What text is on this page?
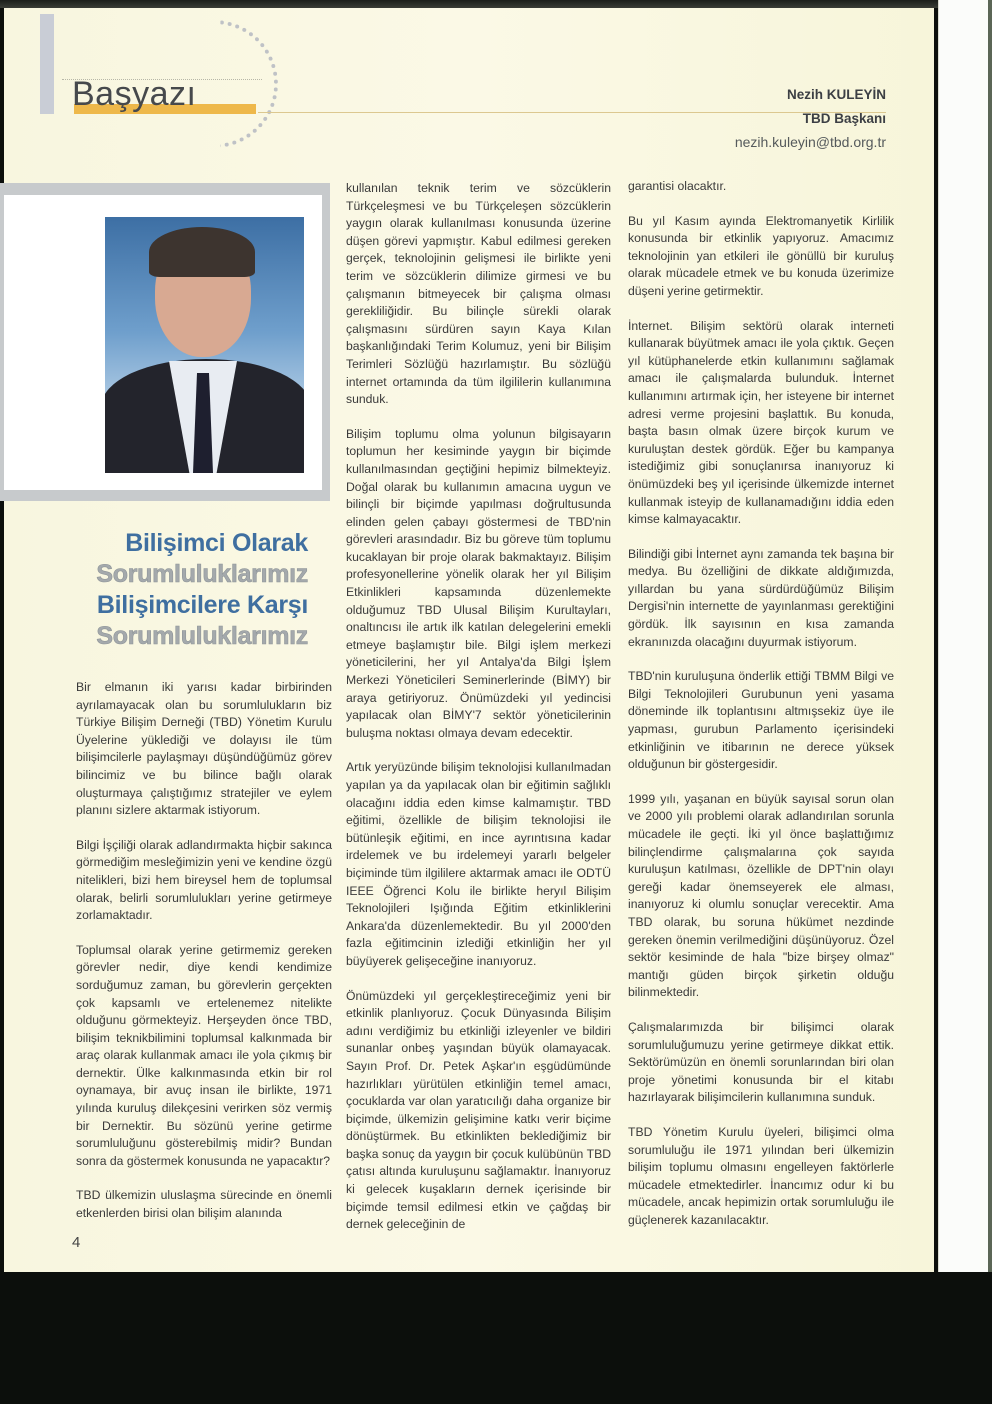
Başyazı	Nezih KULEYİN
TBD Başkanı
nezih.kuleyin@tbd.org.tr
Bilişimci Olarak
Sorumluluklarımız
Bilişimcilere Karşı
Sorumluluklarımız

Bir elmanın iki yarısı kadar birbirinden ayrılamayacak olan bu sorumlulukların biz Türkiye Bilişim Derneği (TBD) Yönetim Kurulu Üyelerine yüklediği ve dolayısı ile tüm bilişimcilerle paylaşmayı düşündüğümüz görev bilincimiz ve bu bilince bağlı olarak oluşturmaya çalıştığımız stratejiler ve eylem planını sizlere aktarmak istiyorum.

Bilgi İşçiliği olarak adlandırmakta hiçbir sakınca görmediğim mesleğimizin yeni ve kendine özgü nitelikleri, bizi hem bireysel hem de toplumsal olarak, belirli sorumlulukları yerine getirmeye zorlamaktadır.

Toplumsal olarak yerine getirmemiz gereken görevler nedir, diye kendi kendimize sorduğumuz zaman, bu görevlerin gerçekten çok kapsamlı ve ertelenemez nitelikte olduğunu görmekteyiz. Herşeyden önce TBD, bilişim teknikbilimini toplumsal kalkınmada bir araç olarak kullanmak amacı ile yola çıkmış bir dernektir. Ülke kalkınmasında etkin bir rol oynamaya, bir avuç insan ile birlikte, 1971 yılında kuruluş dilekçesini verirken söz vermiş bir Dernektir. Bu sözünü yerine getirme sorumluluğunu gösterebilmiş midir? Bundan sonra da göstermek konusunda ne yapacaktır?

TBD ülkemizin uluslaşma sürecinde en önemli etkenlerden birisi olan bilişim alanında

kullanılan teknik terim ve sözcüklerin Türkçeleşmesi ve bu Türkçeleşen sözcüklerin yaygın olarak kullanılması konusunda üzerine düşen görevi yapmıştır. Kabul edilmesi gereken gerçek, teknolojinin gelişmesi ile birlikte yeni terim ve sözcüklerin dilimize girmesi ve bu çalışmanın bitmeyecek bir çalışma olması gerekliliğidir. Bu bilinçle sürekli olarak çalışmasını sürdüren sayın Kaya Kılan başkanlığındaki Terim Kolumuz, yeni bir Bilişim Terimleri Sözlüğü hazırlamıştır. Bu sözlüğü internet ortamında da tüm ilgililerin kullanımına sunduk.

Bilişim toplumu olma yolunun bilgisayarın toplumun her kesiminde yaygın bir biçimde kullanılmasından geçtiğini hepimiz bilmekteyiz. Doğal olarak bu kullanımın amacına uygun ve bilinçli bir biçimde yapılması doğrultusunda elinden gelen çabayı göstermesi de TBD'nin görevleri arasındadır. Biz bu göreve tüm toplumu kucaklayan bir proje olarak bakmaktayız. Bilişim profesyonellerine yönelik olarak her yıl Bilişim Etkinlikleri kapsamında düzenlemekte olduğumuz TBD Ulusal Bilişim Kurultayları, onaltıncısı ile artık ilk katılan delegelerini emekli etmeye başlamıştır bile. Bilgi işlem merkezi yöneticilerini, her yıl Antalya'da Bilgi İşlem Merkezi Yöneticileri Seminerlerinde (BİMY) bir araya getiriyoruz. Önümüzdeki yıl yedincisi yapılacak olan BİMY'7 sektör yöneticilerinin buluşma noktası olmaya devam edecektir.

Artık yeryüzünde bilişim teknolojisi kullanılmadan yapılan ya da yapılacak olan bir eğitimin sağlıklı olacağını iddia eden kimse kalmamıştır. TBD eğitimi, özellikle de bilişim teknolojisi ile bütünleşik eğitimi, en ince ayrıntısına kadar irdelemek ve bu irdelemeyi yararlı belgeler biçiminde tüm ilgililere aktarmak amacı ile ODTÜ IEEE Öğrenci Kolu ile birlikte heryıl Bilişim Teknolojileri Işığında Eğitim etkinliklerini Ankara'da düzenlemektedir. Bu yıl 2000'den fazla eğitimcinin izlediği etkinliğin her yıl büyüyerek gelişeceğine inanıyoruz.

Önümüzdeki yıl gerçekleştireceğimiz yeni bir etkinlik planlıyoruz. Çocuk Dünyasında Bilişim adını verdiğimiz bu etkinliği izleyenler ve bildiri sunanlar onbeş yaşından büyük olamayacak. Sayın Prof. Dr. Petek Aşkar'ın eşgüdümünde hazırlıkları yürütülen etkinliğin temel amacı, çocuklarda var olan yaratıcılığı daha organize bir biçimde, ülkemizin gelişimine katkı verir biçime dönüştürmek. Bu etkinlikten beklediğimiz bir başka sonuç da yaygın bir çocuk kulübünün TBD çatısı altında kuruluşunu sağlamaktır. İnanıyoruz ki gelecek kuşakların dernek içerisinde bir biçimde temsil edilmesi etkin ve çağdaş bir dernek geleceğinin de

garantisi olacaktır.

Bu yıl Kasım ayında Elektromanyetik Kirlilik konusunda bir etkinlik yapıyoruz. Amacımız teknolojinin yan etkileri ile gönüllü bir kuruluş olarak mücadele etmek ve bu konuda üzerimize düşeni yerine getirmektir.

İnternet. Bilişim sektörü olarak interneti kullanarak büyütmek amacı ile yola çıktık. Geçen yıl kütüphanelerde etkin kullanımını sağlamak amacı ile çalışmalarda bulunduk. İnternet kullanımını artırmak için, her isteyene bir internet adresi verme projesini başlattık. Bu konuda, başta basın olmak üzere birçok kurum ve kuruluştan destek gördük. Eğer bu kampanya istediğimiz gibi sonuçlanırsa inanıyoruz ki önümüzdeki beş yıl içerisinde ülkemizde internet kullanmak isteyip de kullanamadığını iddia eden kimse kalmayacaktır.

Bilindiği gibi İnternet aynı zamanda tek başına bir medya. Bu özelliğini de dikkate aldığımızda, yıllardan bu yana sürdürdüğümüz Bilişim Dergisi'nin internette de yayınlanması gerektiğini gördük. İlk sayısının en kısa zamanda ekranınızda olacağını duyurmak istiyorum.

TBD'nin kuruluşuna önderlik ettiği TBMM Bilgi ve Bilgi Teknolojileri Gurubunun yeni yasama döneminde ilk toplantısını altmışsekiz üye ile yapması, gurubun Parlamento içerisindeki etkinliğinin ve itibarının ne derece yüksek olduğunun bir göstergesidir.

1999 yılı, yaşanan en büyük sayısal sorun olan ve 2000 yılı problemi olarak adlandırılan sorunla mücadele ile geçti. İki yıl önce başlattığımız bilinçlendirme çalışmalarına çok sayıda kuruluşun katılması, özellikle de DPT'nin olayı gereği kadar önemseyerek ele alması, inanıyoruz ki olumlu sonuçlar verecektir. Ama TBD olarak, bu soruna hükümet nezdinde gereken önemin verilmediğini düşünüyoruz. Özel sektör kesiminde de hala "bize birşey olmaz" mantığı güden birçok şirketin olduğu bilinmektedir.

Çalışmalarımızda bir bilişimci olarak sorumluluğumuzu yerine getirmeye dikkat ettik. Sektörümüzün en önemli sorunlarından biri olan proje yönetimi konusunda bir el kitabı hazırlayarak bilişimcilerin kullanımına sunduk.

TBD Yönetim Kurulu üyeleri, bilişimci olma sorumluluğu ile 1971 yılından beri ülkemizin bilişim toplumu olmasını engelleyen faktörlerle mücadele etmektedirler. İnancımız odur ki bu mücadele, ancak hepimizin ortak sorumluluğu ile güçlenerek kazanılacaktır.

4
